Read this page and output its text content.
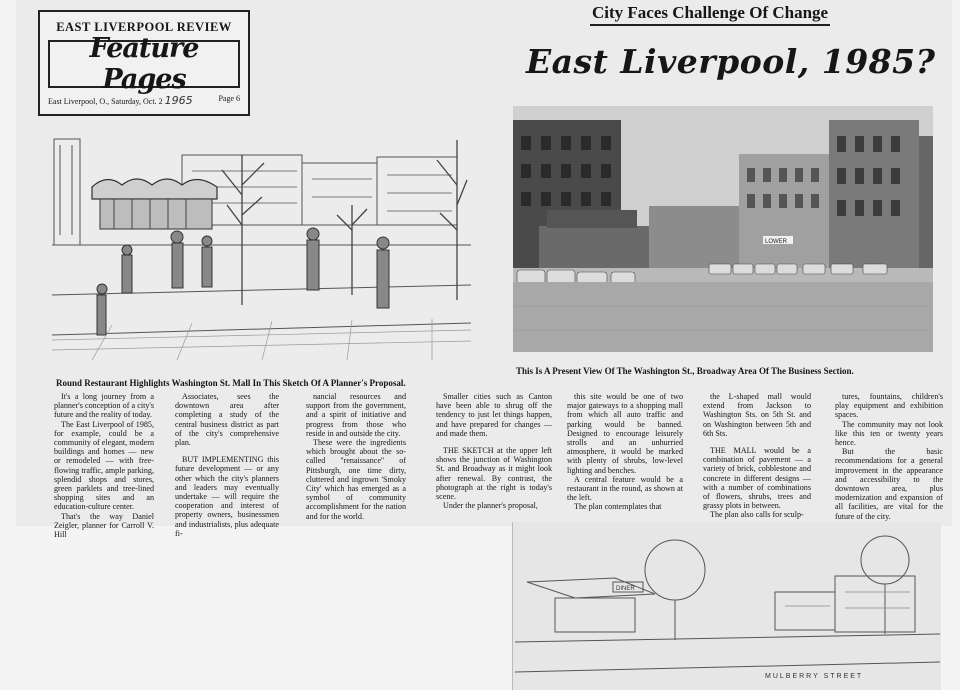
EAST LIVERPOOL REVIEW
Feature Pages
East Liverpool, O., Saturday, Oct. 2 1965	Page 6
City Faces Challenge Of Change
East Liverpool, 1985?
LOWER
DINER
MULBERRY STREET
Round Restaurant Highlights Washington St. Mall In This Sketch Of A Planner's Proposal.
This Is A Present View Of The Washington St., Broadway Area Of The Business Section.

It's a long journey from a planner's conception of a city's future and the reality of today.

The East Liverpool of 1985, for example, could be a community of elegant, modern buildings and homes — new or remodeled — with free-flowing traffic, ample parking, splendid shops and stores, green parklets and tree-lined shopping sites and an education-culture center.

That's the way Daniel Zeigler, planner for Carroll V. Hill

Associates, sees the downtown area after completing a study of the central business district as part of the city's comprehensive plan.

BUT IMPLEMENTING this future development — or any other which the city's planners and leaders may eventually undertake — will require the cooperation and interest of property owners, businessmen and industrialists, plus adequate fi-

nancial resources and support from the government, and a spirit of initiative and progress from those who reside in and outside the city.

These were the ingredients which brought about the so-called "renaissance" of Pittsburgh, one time dirty, cluttered and ingrown 'Smoky City' which has emerged as a symbol of community accomplishment for the nation and for the world.

Smaller cities such as Canton have been able to shrug off the tendency to just let things happen, and have prepared for changes — and made them.

THE SKETCH at the upper left shows the junction of Washington St. and Broadway as it might look after renewal. By contrast, the photograph at the right is today's scene.

Under the planner's proposal,

this site would be one of two major gateways to a shopping mall from which all auto traffic and parking would be banned. Designed to encourage leisurely strolls and an unhurried atmosphere, it would be marked with plenty of shrubs, low-level lighting and benches.

A central feature would be a restaurant in the round, as shown at the left.

The plan contemplates that

the L-shaped mall would extend from Jackson to Washington Sts. on 5th St. and on Washington between 5th and 6th Sts.

THE MALL would be a combination of pavement — a variety of brick, cobblestone and concrete in different designs — with a number of combinations of flowers, shrubs, trees and grassy plots in between.

The plan also calls for sculp-

tures, fountains, children's play equipment and exhibition spaces.

The community may not look like this ten or twenty years hence.

But the basic recommendations for a general improvement in the appearance and accessibility to the downtown area, plus modernization and expansion of all facilities, are vital for the future of the city.
